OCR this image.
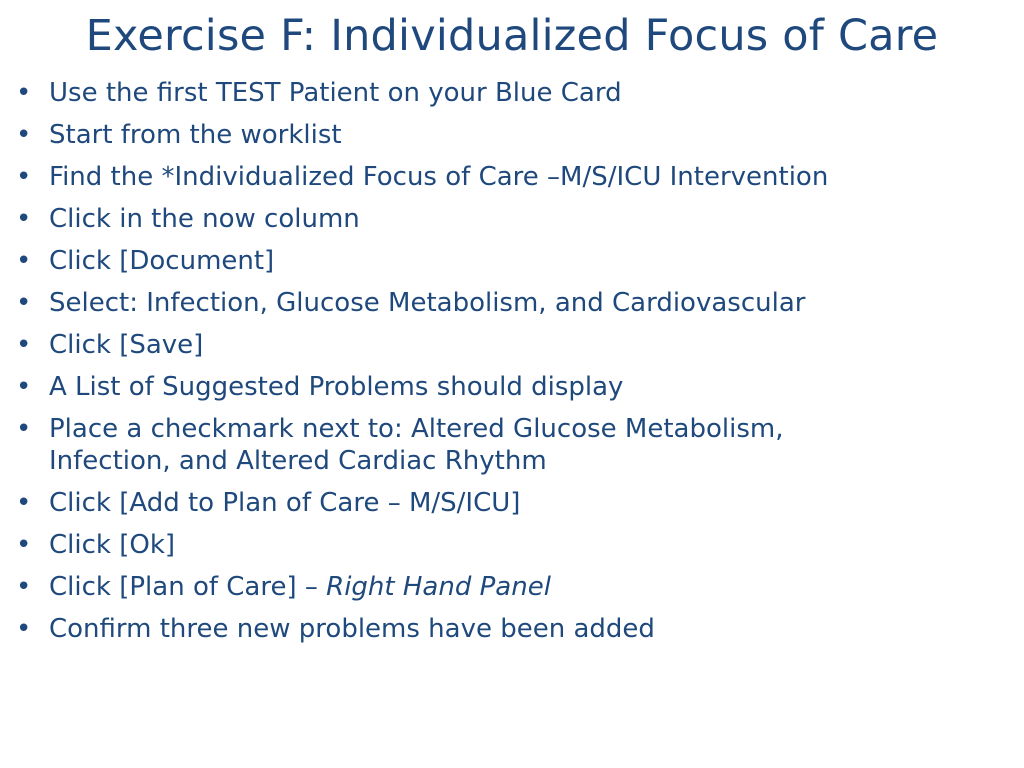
Exercise F: Individualized Focus of Care
• Use the first TEST Patient on your Blue Card
• Start from the worklist
• Find the *Individualized Focus of Care –M/S/ICU Intervention
• Click in the now column
• Click [Document]
• Select: Infection, Glucose Metabolism, and Cardiovascular
• Click [Save]
• A List of Suggested Problems should display
• Place a checkmark next to: Altered Glucose Metabolism,
Infection, and Altered Cardiac Rhythm
• Click [Add to Plan of Care – M/S/ICU]
• Click [Ok]
• Click [Plan of Care] – Right Hand Panel
• Confirm three new problems have been added
